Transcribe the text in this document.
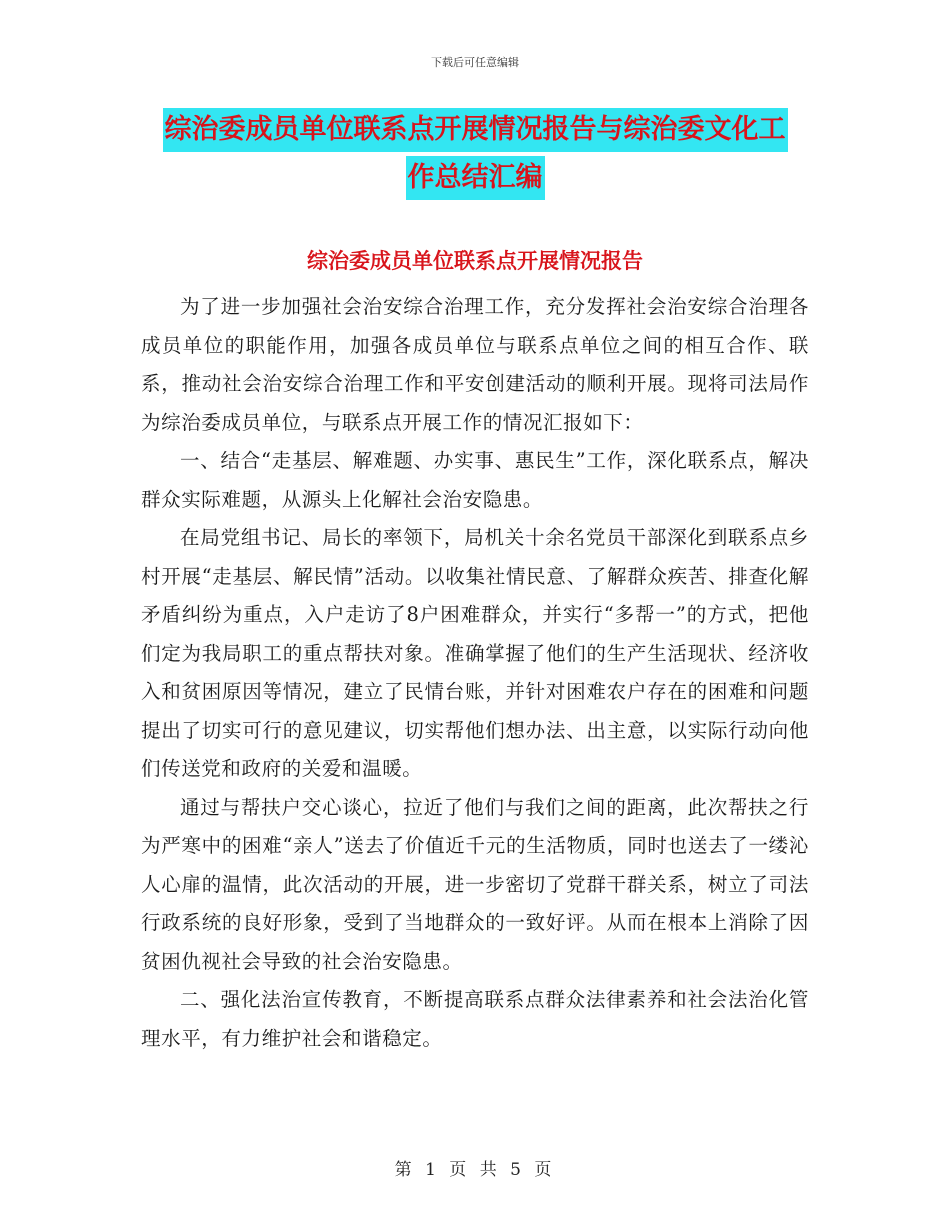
下载后可任意编辑
综治委成员单位联系点开展情况报告与综治委文化工
作总结汇编
综治委成员单位联系点开展情况报告

为了进一步加强社会治安综合治理工作，充分发挥社会治安综合治理各成员单位的职能作用，加强各成员单位与联系点单位之间的相互合作、联系，推动社会治安综合治理工作和平安创建活动的顺利开展。现将司法局作为综治委成员单位，与联系点开展工作的情况汇报如下：

一、结合“走基层、解难题、办实事、惠民生”工作，深化联系点，解决群众实际难题，从源头上化解社会治安隐患。

在局党组书记、局长的率领下，局机关十余名党员干部深化到联系点乡村开展“走基层、解民情”活动。以收集社情民意、了解群众疾苦、排查化解矛盾纠纷为重点，入户走访了8户困难群众，并实行“多帮一”的方式，把他们定为我局职工的重点帮扶对象。准确掌握了他们的生产生活现状、经济收入和贫困原因等情况，建立了民情台账，并针对困难农户存在的困难和问题提出了切实可行的意见建议，切实帮他们想办法、出主意，以实际行动向他们传送党和政府的关爱和温暖。

通过与帮扶户交心谈心，拉近了他们与我们之间的距离，此次帮扶之行为严寒中的困难“亲人”送去了价值近千元的生活物质，同时也送去了一缕沁人心扉的温情，此次活动的开展，进一步密切了党群干群关系，树立了司法行政系统的良好形象，受到了当地群众的一致好评。从而在根本上消除了因贫困仇视社会导致的社会治安隐患。

二、强化法治宣传教育，不断提高联系点群众法律素养和社会法治化管理水平，有力维护社会和谐稳定。

第 1 页 共 5 页
